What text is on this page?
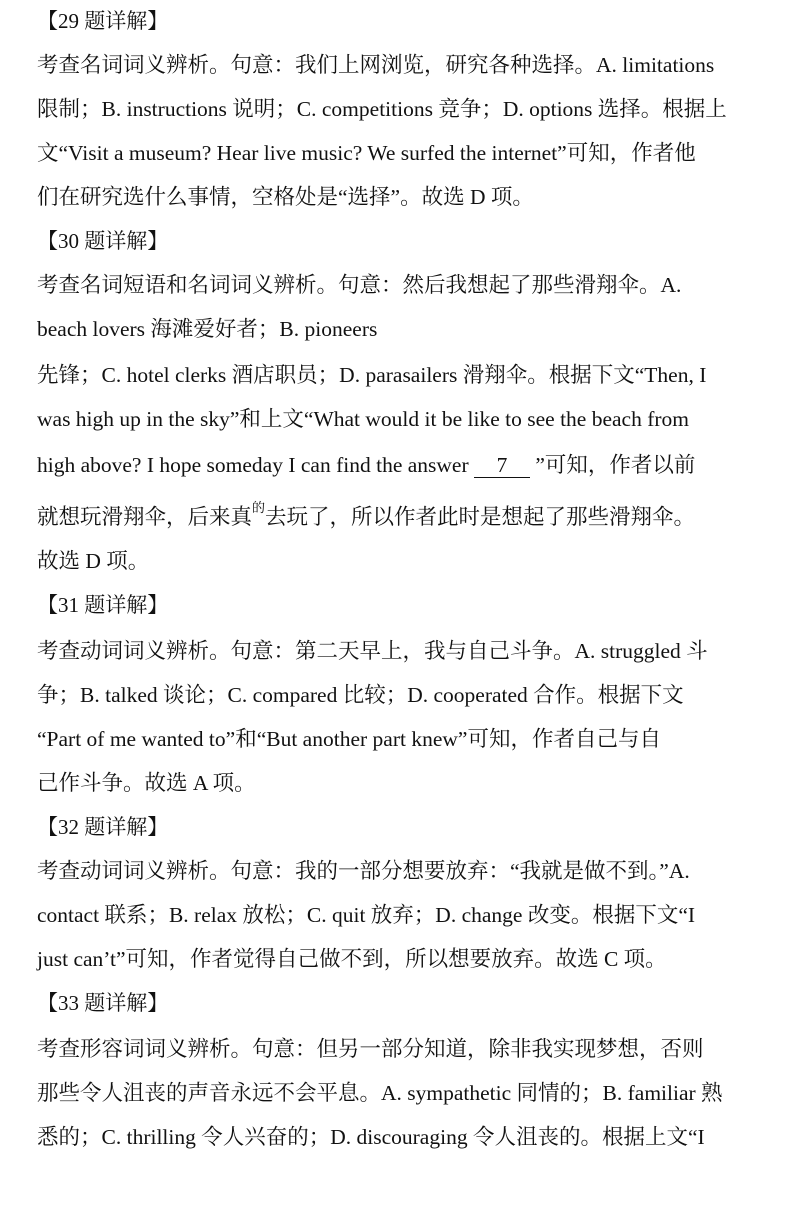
【29 题详解】
考查名词词义辨析。句意：我们上网浏览，研究各种选择。A. limitations
限制；B. instructions 说明；C. competitions 竞争；D. options 选择。根据上
文“Visit a museum? Hear live music? We surfed the internet”可知，作者他
们在研究选什么事情，空格处是“选择”。故选 D 项。
【30 题详解】
考查名词短语和名词词义辨析。句意：然后我想起了那些滑翔伞。A.
beach lovers 海滩爱好者；B. pioneers
先锋；C. hotel clerks 酒店职员；D. parasailers 滑翔伞。根据下文“Then, I
was high up in the sky”和上文“What would it be like to see the beach from
high above? I hope someday I can find the answer 7 ”可知，作者以前
就想玩滑翔伞，后来真$^的$去玩了，所以作者此时是想起了那些滑翔伞。
故选 D 项。
【31 题详解】
考查动词词义辨析。句意：第二天早上，我与自己斗争。A. struggled 斗
争；B. talked 谈论；C. compared 比较；D. cooperated 合作。根据下文
“Part of me wanted to”和“But another part knew”可知，作者自己与自
己作斗争。故选 A 项。
【32 题详解】
考查动词词义辨析。句意：我的一部分想要放弃：“我就是做不到。”A.
contact 联系；B. relax 放松；C. quit 放弃；D. change 改变。根据下文“I
just can’t”可知，作者觉得自己做不到，所以想要放弃。故选 C 项。
【33 题详解】
考查形容词词义辨析。句意：但另一部分知道，除非我实现梦想，否则
那些令人沮丧的声音永远不会平息。A. sympathetic 同情的；B. familiar 熟
悉的；C. thrilling 令人兴奋的；D. discouraging 令人沮丧的。根据上文“I
